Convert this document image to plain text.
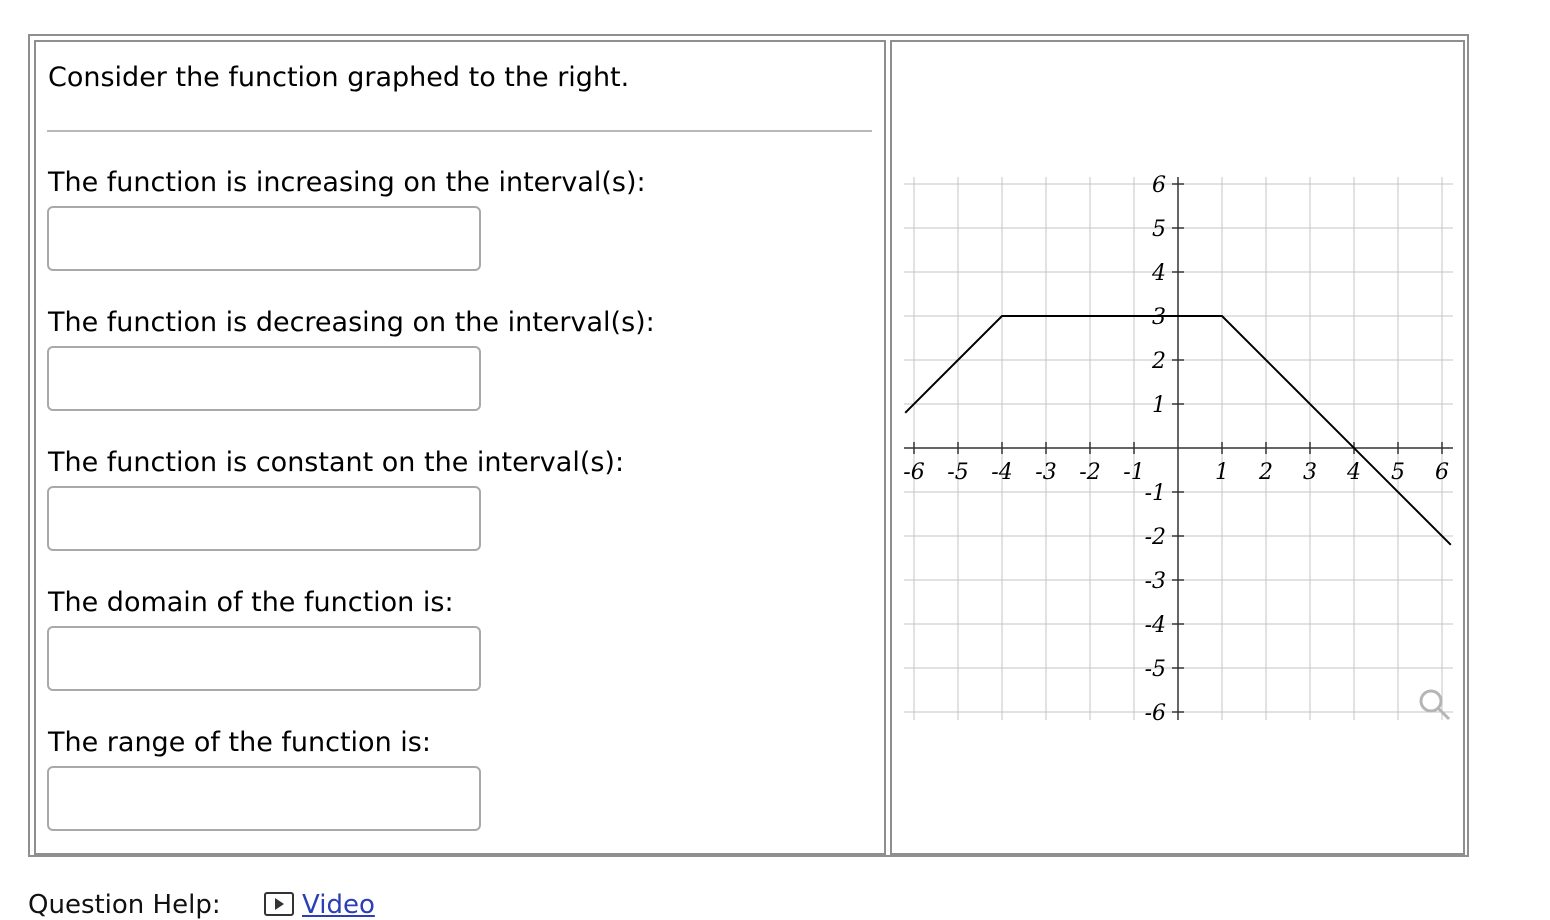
Consider the function graphed to the right.
The function is increasing on the interval(s):
The function is decreasing on the interval(s):
The function is constant on the interval(s):
The domain of the function is:
The range of the function is:
-6 -5 -4 -3 -2 -1	1 2 3 4 5 6
-6
-5
-4
-3
-2
-1
1
2
3
4
5
6
Question Help:	Video
